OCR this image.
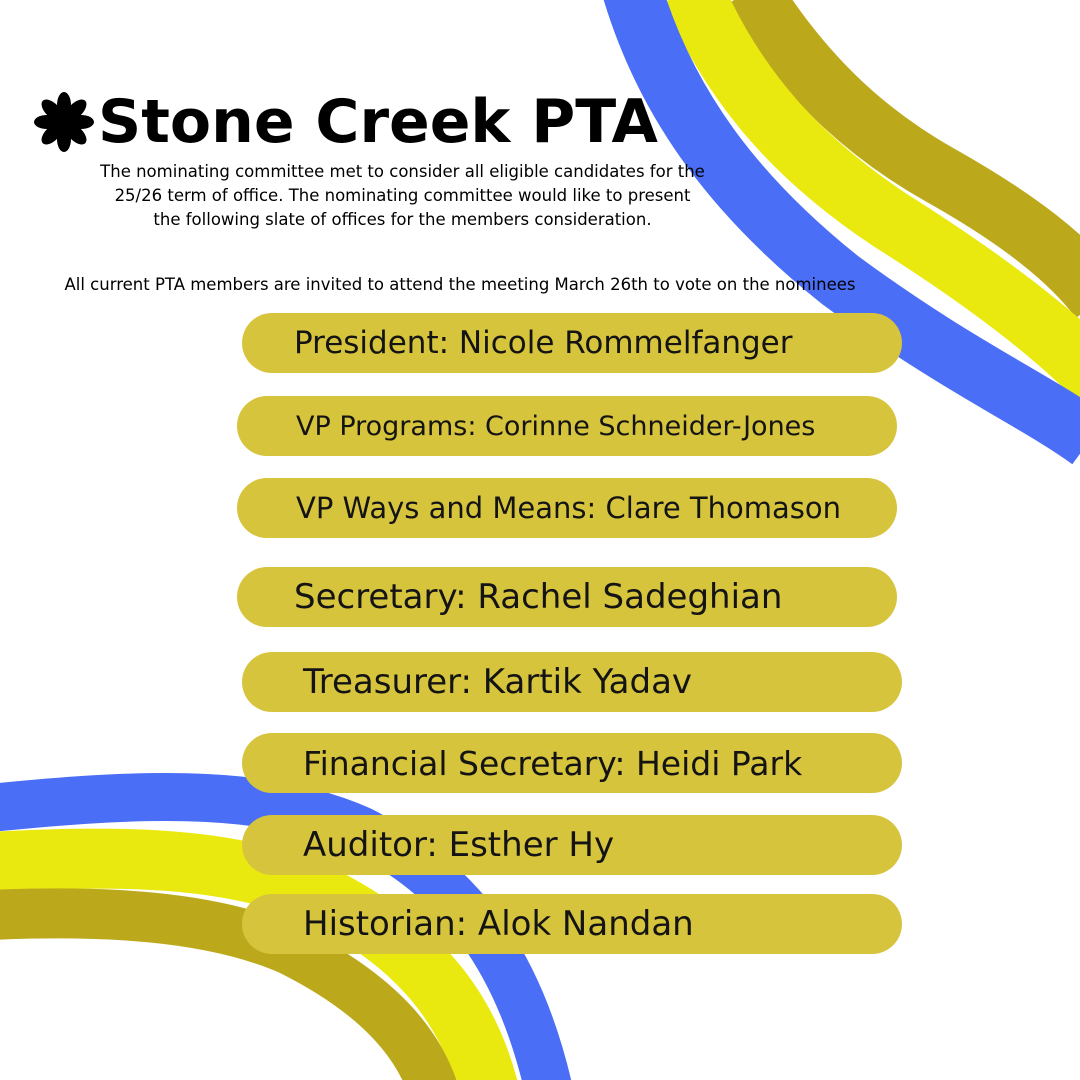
Stone Creek PTA

The nominating committee met to consider all eligible candidates for the 25/26 term of office. The nominating committee would like to present the following slate of offices for the members consideration.

All current PTA members are invited to attend the meeting March 26th to vote on the nominees

President: Nicole Rommelfanger
VP Programs: Corinne Schneider-Jones
VP Ways and Means: Clare Thomason
Secretary: Rachel Sadeghian
Treasurer: Kartik Yadav
Financial Secretary: Heidi Park
Auditor: Esther Hy
Historian: Alok Nandan
